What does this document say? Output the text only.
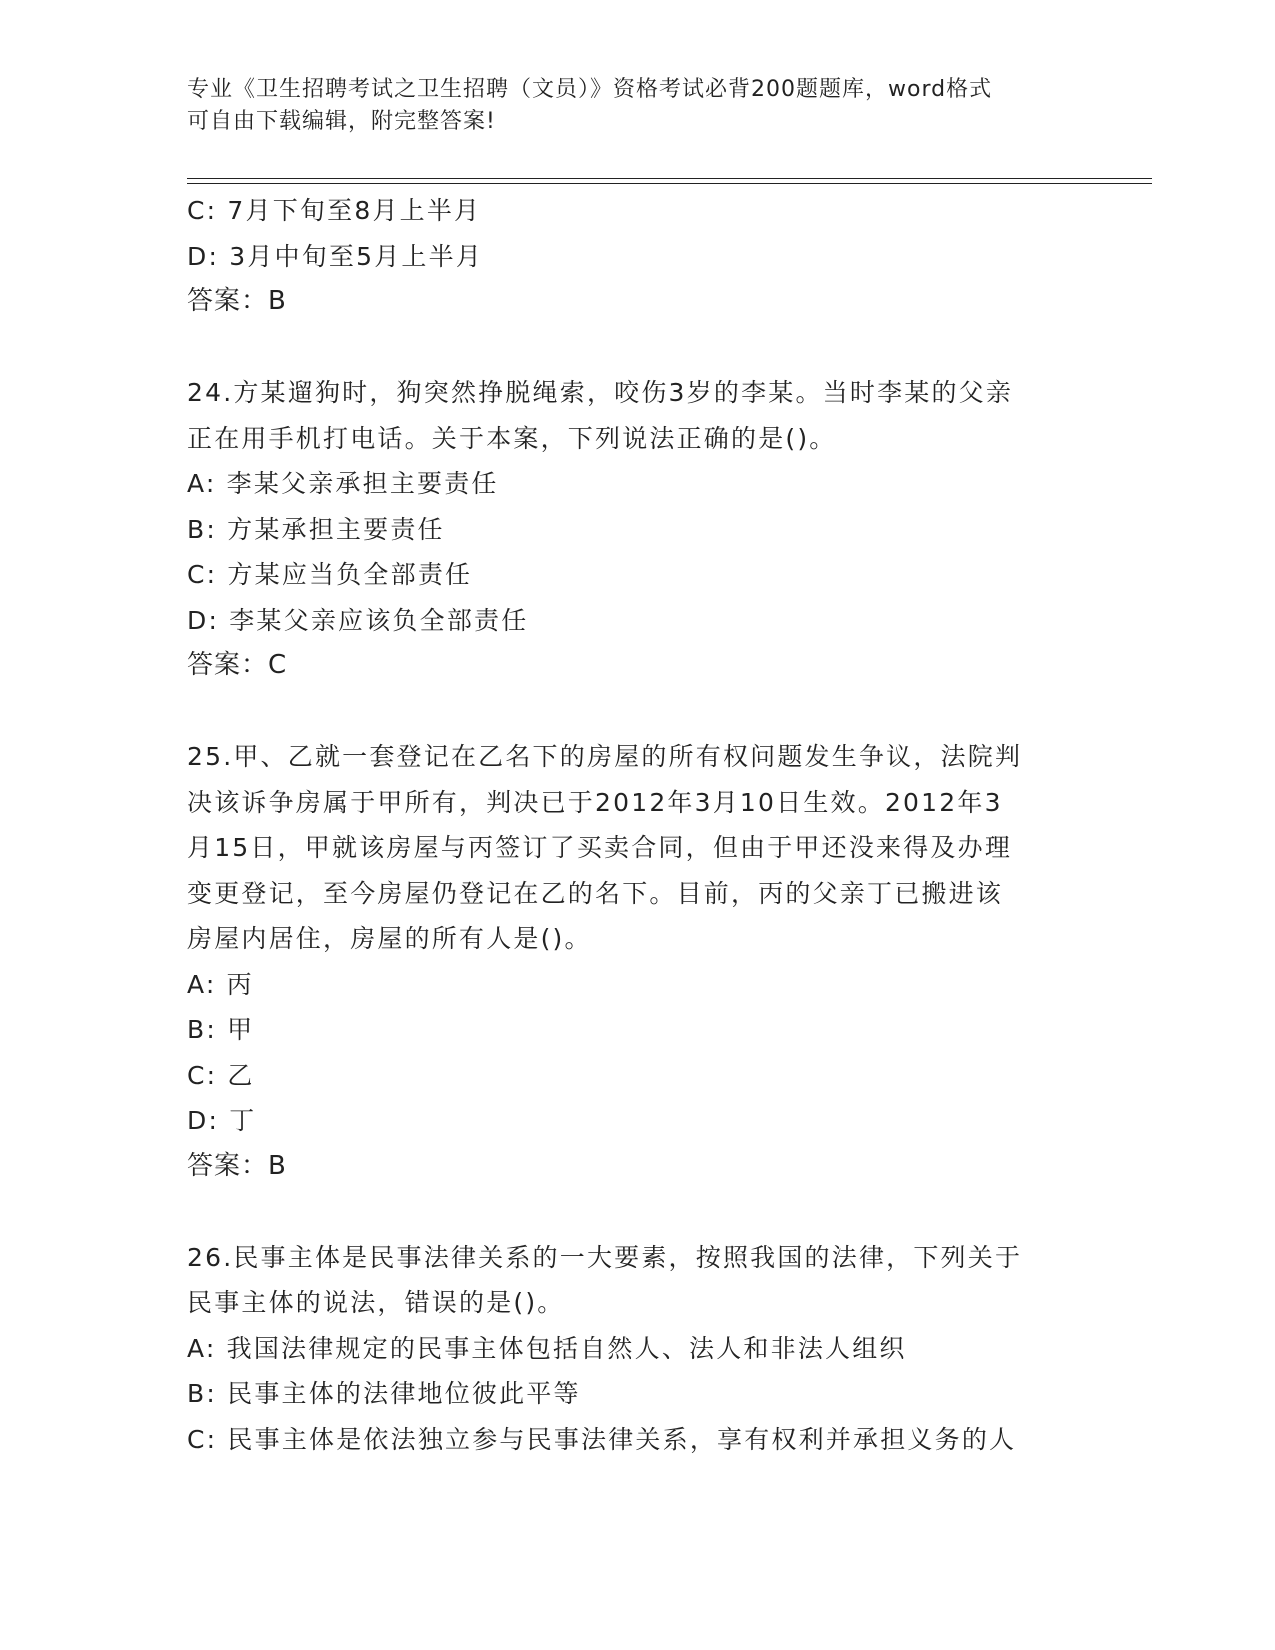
专业《卫生招聘考试之卫生招聘（文员）》资格考试必背200题题库，word格式
可自由下载编辑，附完整答案!
C: 7月下旬至8月上半月
D: 3月中旬至5月上半月
答案：B
24.方某遛狗时，狗突然挣脱绳索，咬伤3岁的李某。当时李某的父亲
正在用手机打电话。关于本案，下列说法正确的是()。
A: 李某父亲承担主要责任
B: 方某承担主要责任
C: 方某应当负全部责任
D: 李某父亲应该负全部责任
答案：C
25.甲、乙就一套登记在乙名下的房屋的所有权问题发生争议，法院判
决该诉争房属于甲所有，判决已于2012年3月10日生效。2012年3
月15日，甲就该房屋与丙签订了买卖合同，但由于甲还没来得及办理
变更登记，至今房屋仍登记在乙的名下。目前，丙的父亲丁已搬进该
房屋内居住，房屋的所有人是()。
A: 丙
B: 甲
C: 乙
D: 丁
答案：B
26.民事主体是民事法律关系的一大要素，按照我国的法律，下列关于
民事主体的说法，错误的是()。
A: 我国法律规定的民事主体包括自然人、法人和非法人组织
B: 民事主体的法律地位彼此平等
C: 民事主体是依法独立参与民事法律关系，享有权利并承担义务的人
